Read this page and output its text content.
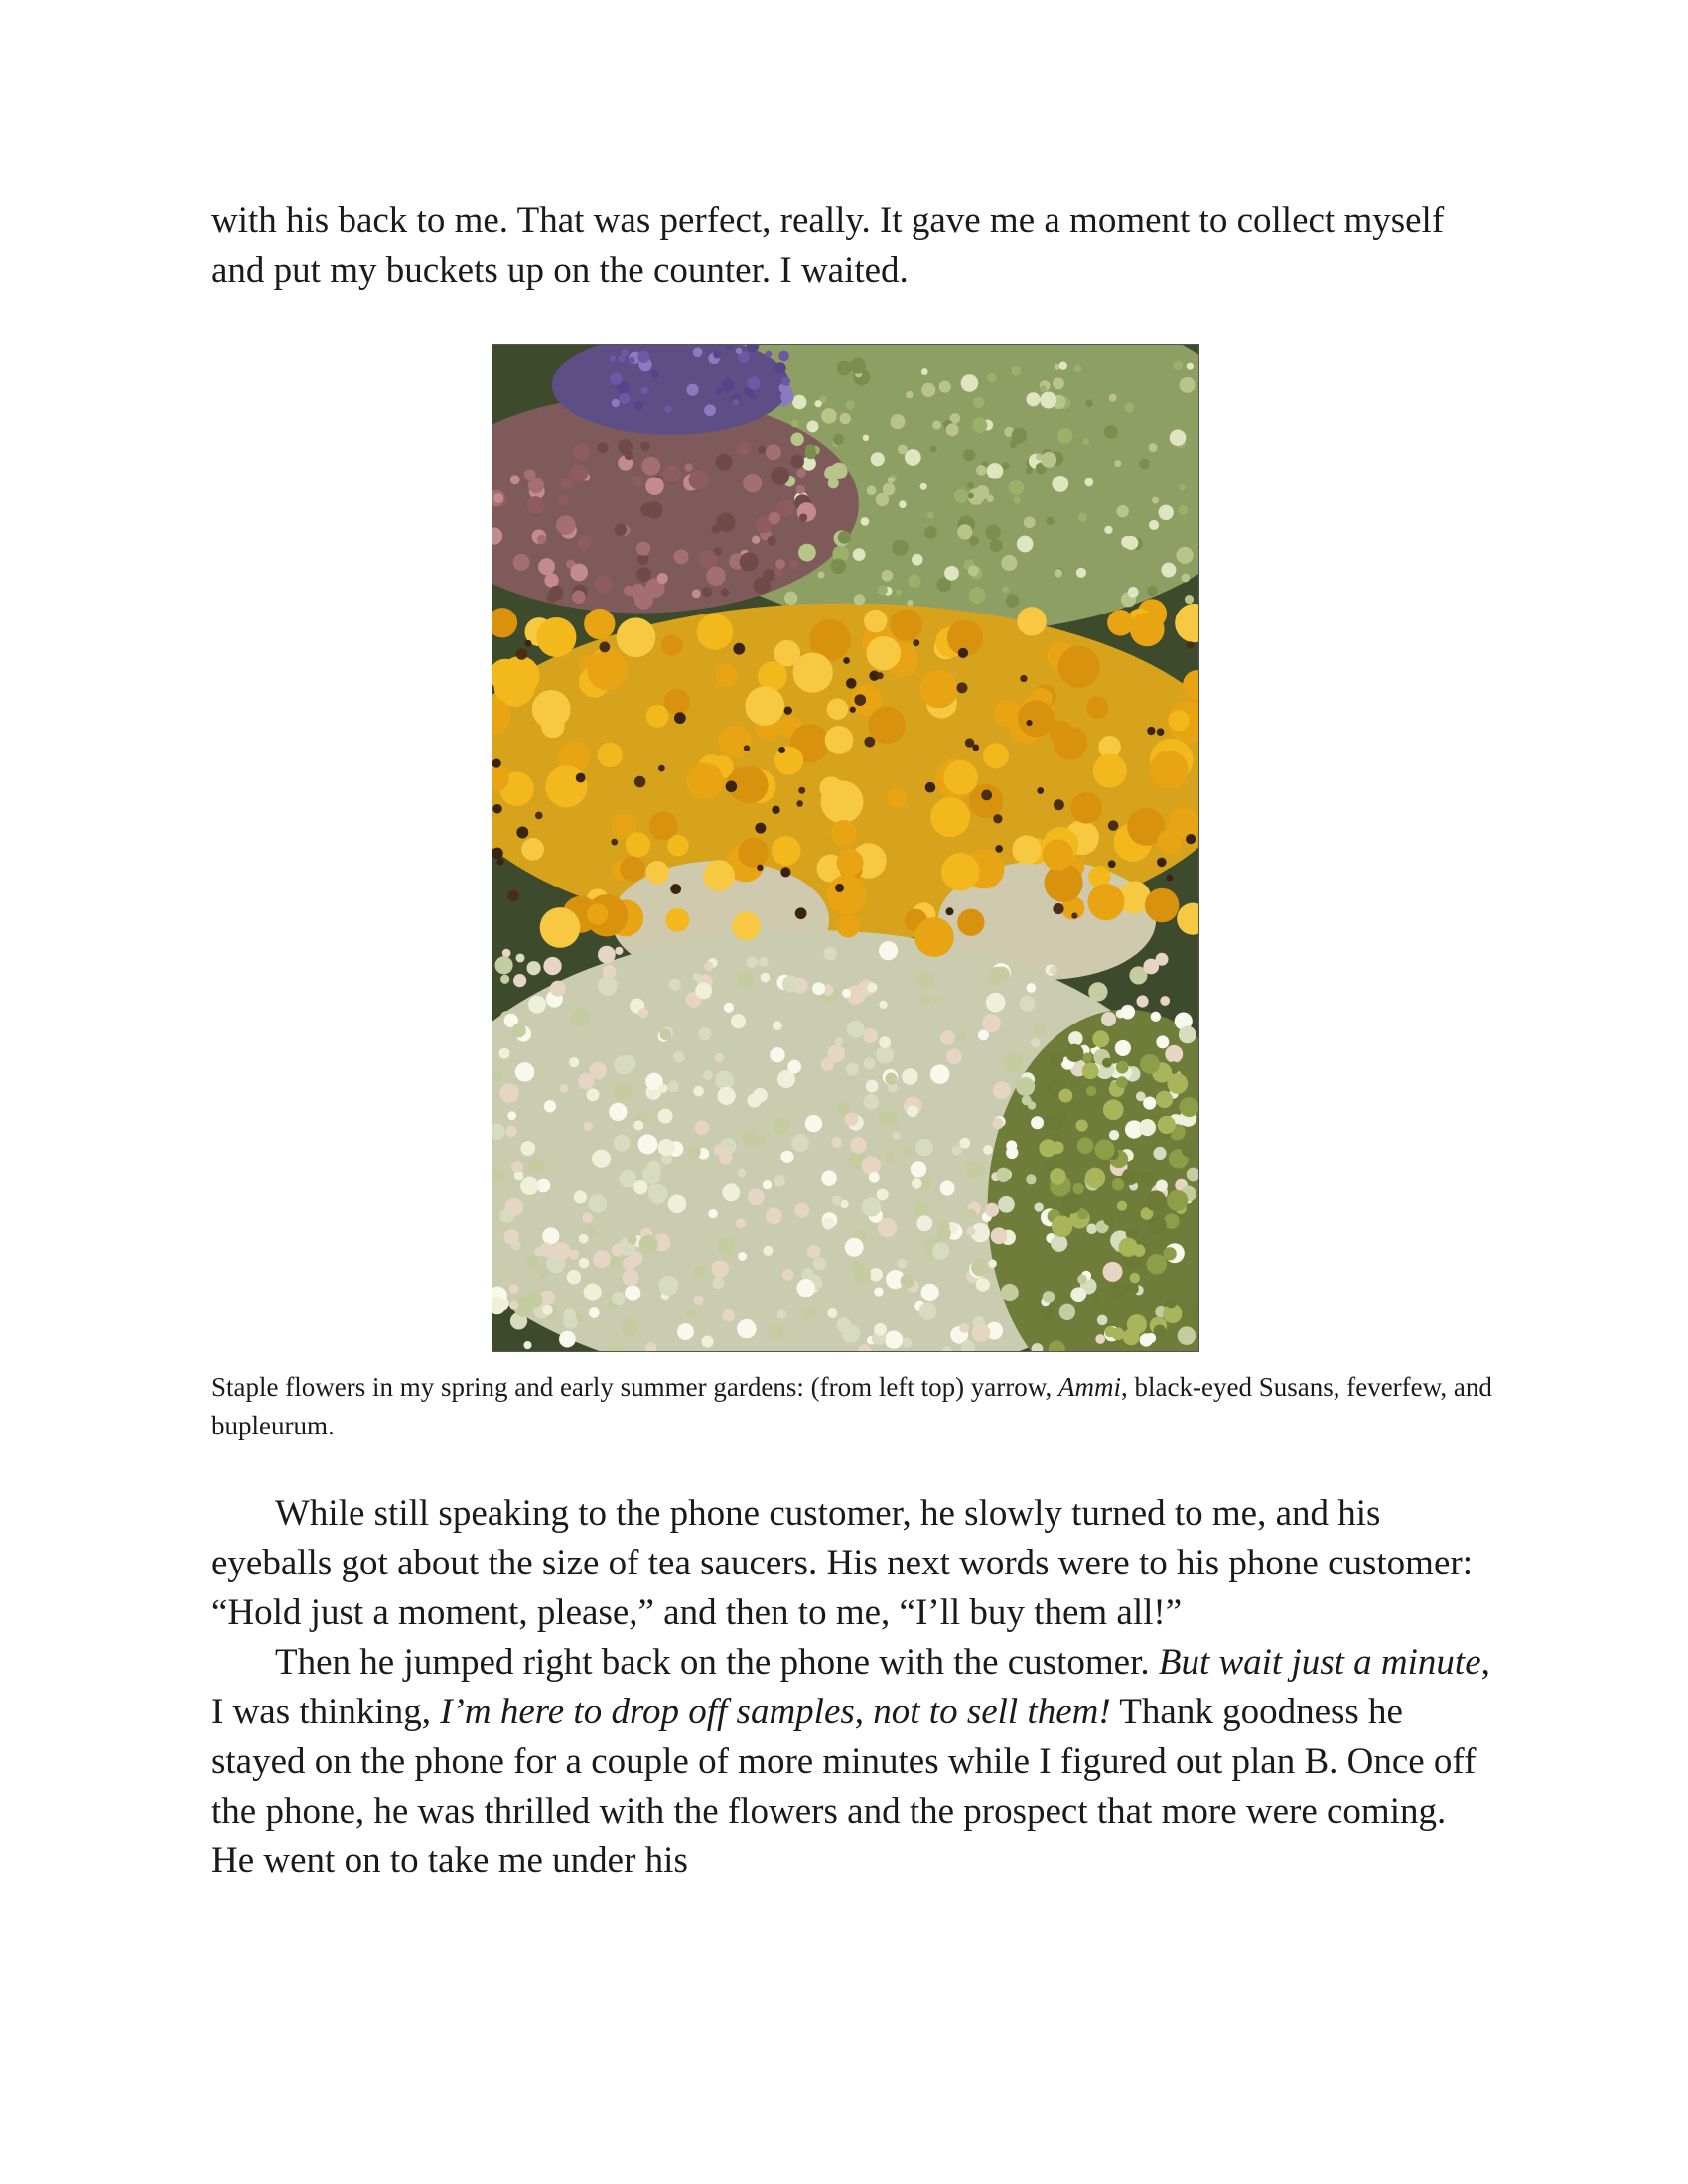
with his back to me. That was perfect, really. It gave me a moment to collect myself and put my buckets up on the counter. I waited.

Staple flowers in my spring and early summer gardens: (from left top) yarrow, Ammi, black-eyed Susans, feverfew, and bupleurum.

While still speaking to the phone customer, he slowly turned to me, and his eyeballs got about the size of tea saucers. His next words were to his phone customer: “Hold just a moment, please,” and then to me, “I’ll buy them all!”
Then he jumped right back on the phone with the customer. But wait just a minute, I was thinking, I’m here to drop off samples, not to sell them! Thank goodness he stayed on the phone for a couple of more minutes while I figured out plan B. Once off the phone, he was thrilled with the flowers and the prospect that more were coming. He went on to take me under his
